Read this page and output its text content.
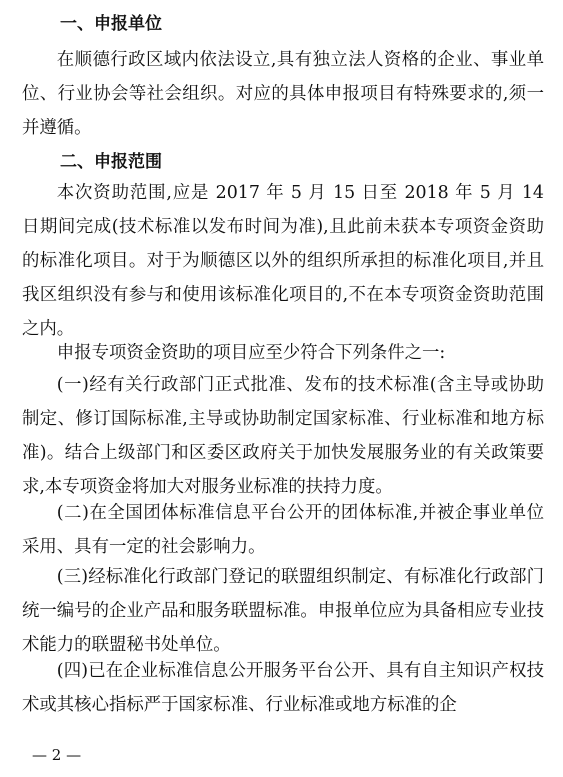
一、申报单位
在顺德行政区域内依法设立,具有独立法人资格的企业、事业单位、行业协会等社会组织。对应的具体申报项目有特殊要求的,须一并遵循。
二、申报范围
本次资助范围,应是 2017 年 5 月 15 日至 2018 年 5 月 14 日期间完成(技术标准以发布时间为准),且此前未获本专项资金资助的标准化项目。对于为顺德区以外的组织所承担的标准化项目,并且我区组织没有参与和使用该标准化项目的,不在本专项资金资助范围之内。
申报专项资金资助的项目应至少符合下列条件之一:
(一)经有关行政部门正式批准、发布的技术标准(含主导或协助制定、修订国际标准,主导或协助制定国家标准、行业标准和地方标准)。结合上级部门和区委区政府关于加快发展服务业的有关政策要求,本专项资金将加大对服务业标准的扶持力度。
(二)在全国团体标准信息平台公开的团体标准,并被企事业单位采用、具有一定的社会影响力。
(三)经标准化行政部门登记的联盟组织制定、有标准化行政部门统一编号的企业产品和服务联盟标准。申报单位应为具备相应专业技术能力的联盟秘书处单位。
(四)已在企业标准信息公开服务平台公开、具有自主知识产权技术或其核心指标严于国家标准、行业标准或地方标准的企
— 2 —
